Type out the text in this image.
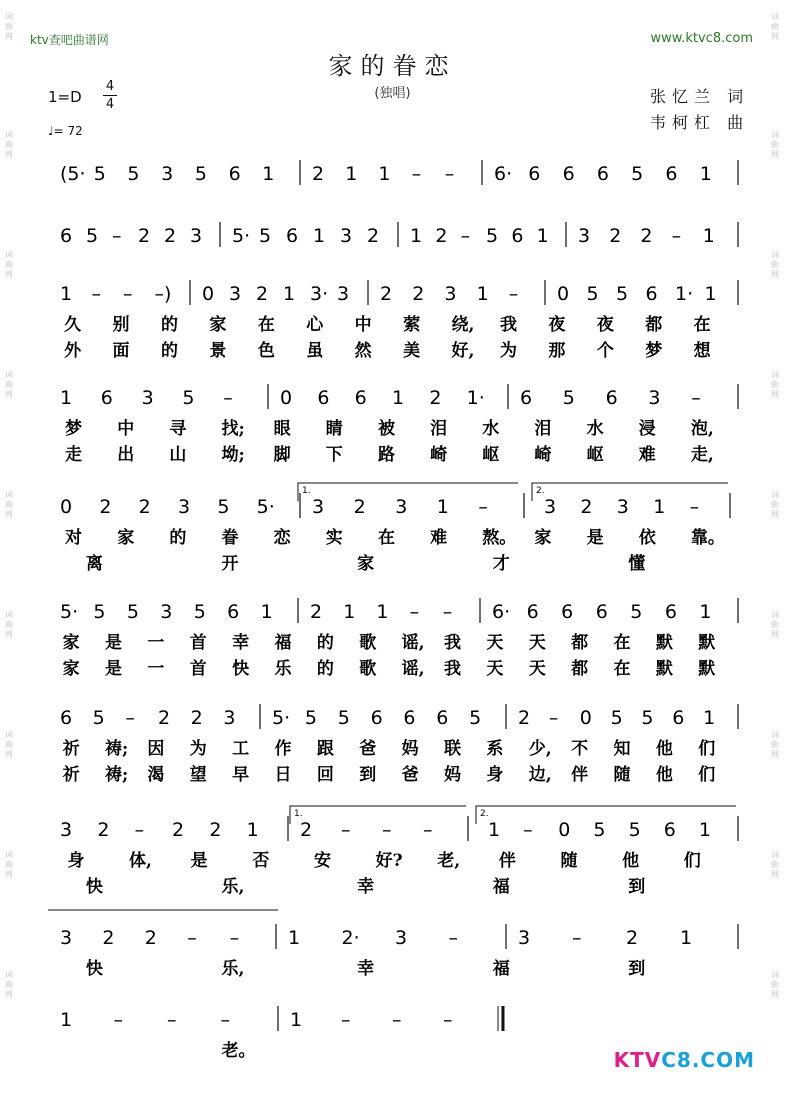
词曲网
词曲网
词曲网
词曲网
词曲网
词曲网
词曲网
词曲网
词曲网
词曲网
词曲网
词曲网
词曲网
词曲网
词曲网
词曲网
词曲网
词曲网
ktv查吧曲谱网	www.ktvc8.com
家的眷恋
(独唱)
1=D
4
4
♩= 72
张忆兰 词
韦柯杠 曲
(5· 5 5 3 5 6 1 2 1 1 – – 6· 6 6 6 5 6 1
6 5 – 2 2 3 5· 5 6 1 3 2 1 2 – 5 6 1 3 2 2 – 1
1 – – –) 0 3 2 1 3· 3 2 2 3 1 – 0 5 5 6 1· 1
久 别 的 家 在 心 中 萦 绕, 我 夜 夜 都 在
外 面 的 景 色 虽 然 美 好, 为 那 个 梦 想
1 6 3 5 – 0 6 6 1 2 1· 6 5 6 3 –
梦 中 寻 找; 眼 睛 被 泪 水 泪 水 浸 泡,
走 出 山 坳; 脚 下 路 崎 岖 崎 岖 难 走,
0 2 2 3 5 5· 3 2 3 1 –	3 2 3 1 –
1.	2.
对 家 的 眷 恋 实 在 难 熬。 家 是 依 靠。
离	开	家	才	懂
5· 5 5 3 5 6 1 2 1 1 – – 6· 6 6 6 5 6 1
家 是 一 首 幸 福 的 歌 谣, 我 天 天 都 在 默 默
家 是 一 首 快 乐 的 歌 谣, 我 天 天 都 在 默 默
6 5 – 2 2 3 5· 5 5 6 6 6 5 2 – 0 5 5 6 1
祈 祷; 因 为 工 作 跟 爸 妈 联 系 少, 不 知 他 们
祈 祷; 渴 望 早 日 回 到 爸 妈 身 边, 伴 随 他 们
3 2 – 2 2 1 2 – – –	1 – 0 5 5 6 1
1.	2.
身	体, 是	否	安	好? 老, 伴	随	他	们
快	乐,	幸	福	到
3 2 2 – –	1 2· 3 –	3 – 2 1
快	乐,	幸	福	到
1 – – –	1 – – –
老。	KTVC8.COM
